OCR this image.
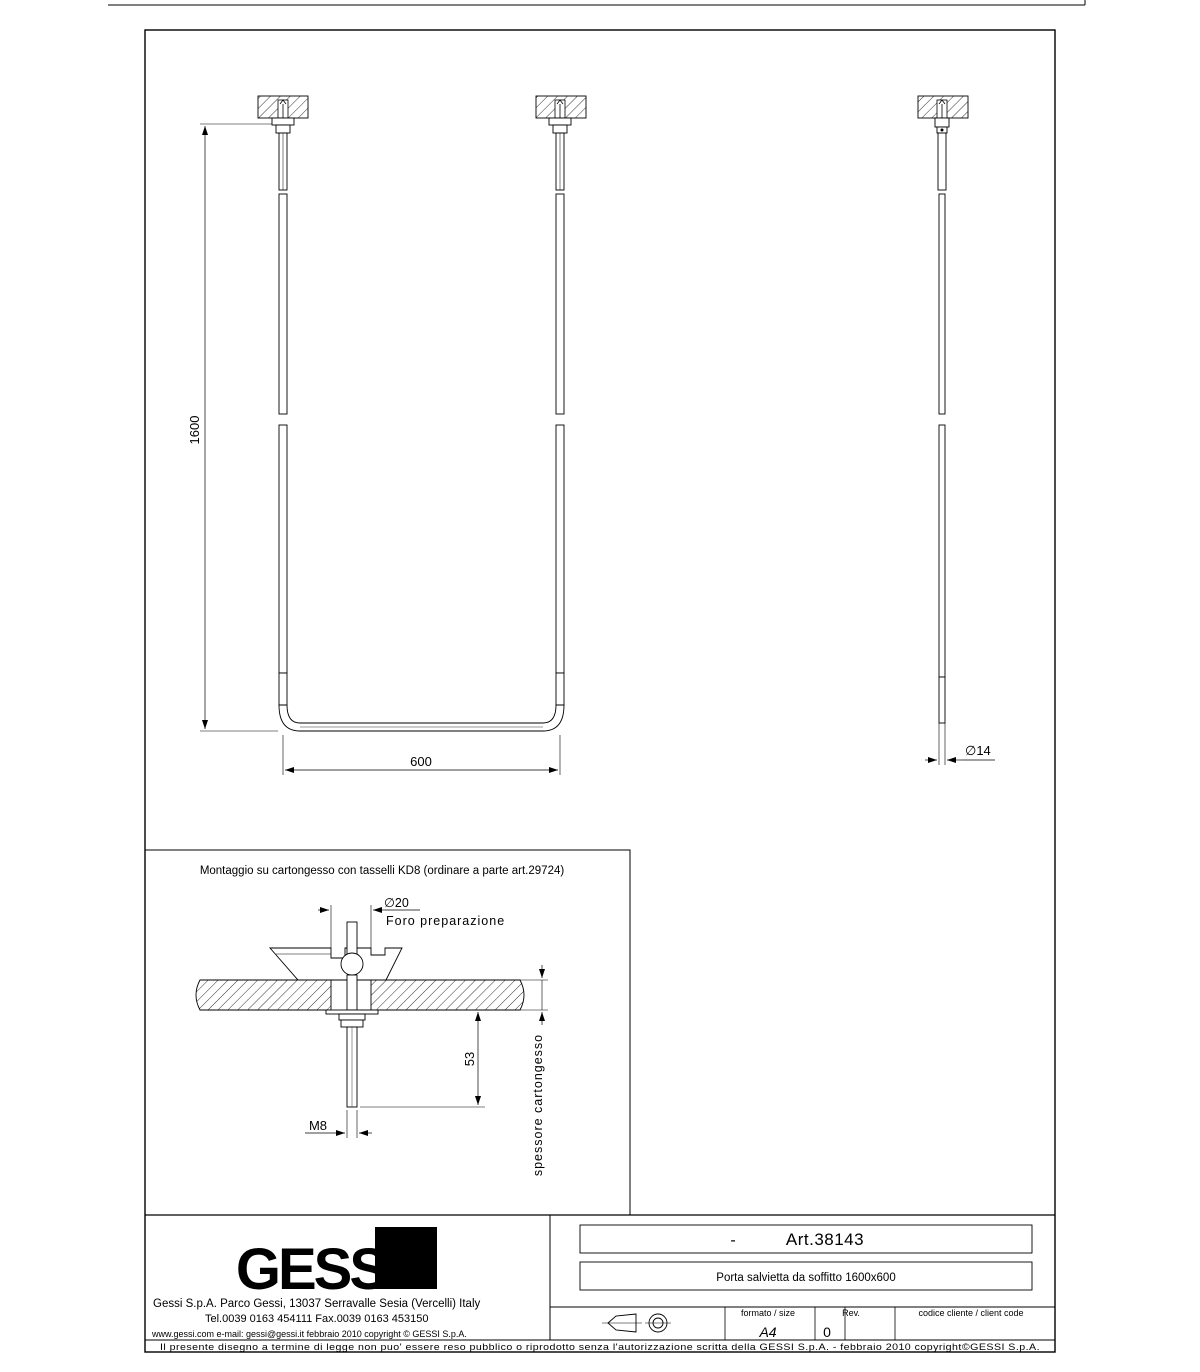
1600
600
∅14
Montaggio su cartongesso con tasselli KD8 (ordinare a parte art.29724)
∅20
Foro preparazione
53
M8	spessore cartongesso
GESSI
Gessi S.p.A. Parco Gessi, 13037 Serravalle Sesia (Vercelli) Italy
Tel.0039 0163 454111 Fax.0039 0163 453150
www.gessi.com e-mail: gessi@gessi.it febbraio 2010 copyright © GESSI S.p.A.
-	Art.38143
Porta salvietta da soffitto 1600x600
formato / size
A4
Rev.
0
codice cliente / client code
Il presente disegno a termine di legge non puo' essere reso pubblico o riprodotto senza l'autorizzazione scritta della GESSI S.p.A. - febbraio 2010 copyright©GESSI S.p.A.
